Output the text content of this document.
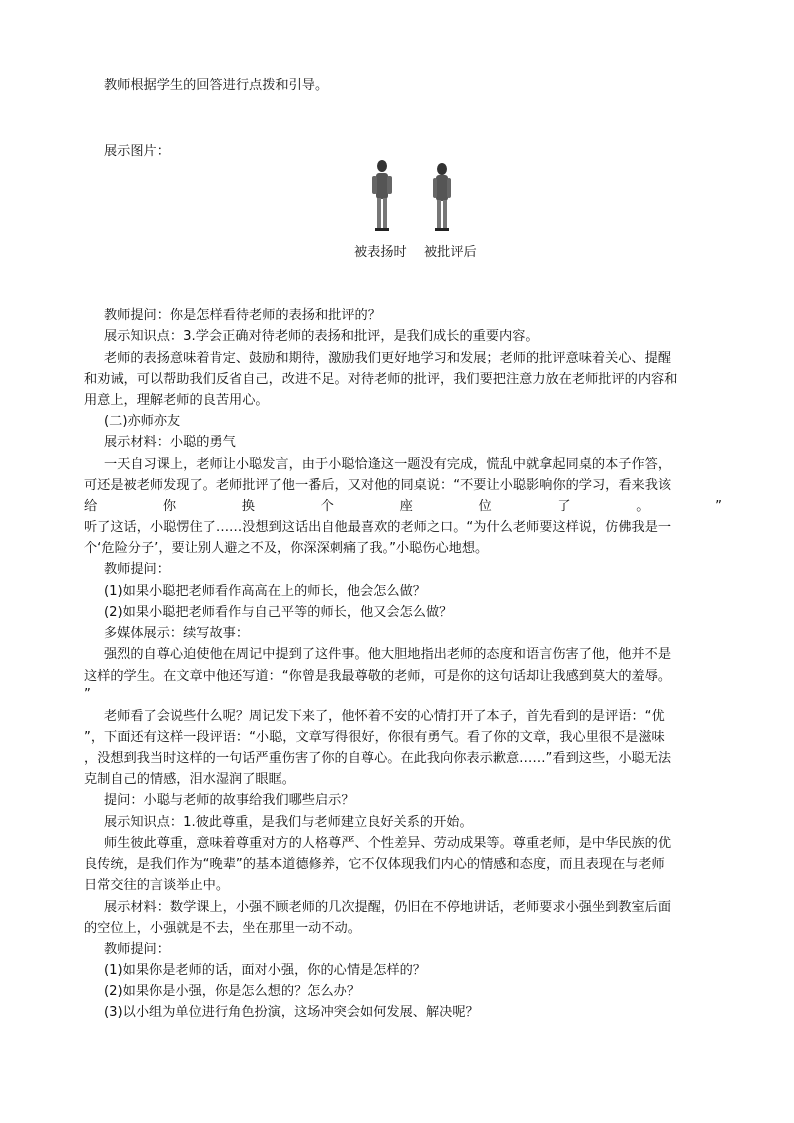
教师根据学生的回答进行点拨和引导。

展示图片：

被表扬时 被批评后

教师提问：你是怎样看待老师的表扬和批评的？

展示知识点：3.学会正确对待老师的表扬和批评，是我们成长的重要内容。

老师的表扬意味着肯定、鼓励和期待，激励我们更好地学习和发展；老师的批评意味着关心、提醒

和劝诫，可以帮助我们反省自己，改进不足。对待老师的批评，我们要把注意力放在老师批评的内容和

用意上，理解老师的良苦用心。

(二)亦师亦友

展示材料：小聪的勇气

一天自习课上，老师让小聪发言，由于小聪恰逢这一题没有完成，慌乱中就拿起同桌的本子作答，

可还是被老师发现了。老师批评了他一番后，又对他的同桌说：“不要让小聪影响你的学习，看来我该

给	你	换	个	座	位	了	。	”

听了这话，小聪愣住了……没想到这话出自他最喜欢的老师之口。“为什么老师要这样说，仿佛我是一

个‘危险分子’，要让别人避之不及，你深深刺痛了我。”小聪伤心地想。

教师提问：

(1)如果小聪把老师看作高高在上的师长，他会怎么做？

(2)如果小聪把老师看作与自己平等的师长，他又会怎么做？

多媒体展示：续写故事：

强烈的自尊心迫使他在周记中提到了这件事。他大胆地指出老师的态度和语言伤害了他，他并不是

这样的学生。在文章中他还写道：“你曾是我最尊敬的老师，可是你的这句话却让我感到莫大的羞辱。

”

老师看了会说些什么呢？周记发下来了，他怀着不安的心情打开了本子，首先看到的是评语：“优

”，下面还有这样一段评语：“小聪，文章写得很好，你很有勇气。看了你的文章，我心里很不是滋味

，没想到我当时这样的一句话严重伤害了你的自尊心。在此我向你表示歉意……”看到这些，小聪无法

克制自己的情感，泪水湿润了眼眶。

提问：小聪与老师的故事给我们哪些启示？

展示知识点：1.彼此尊重，是我们与老师建立良好关系的开始。

师生彼此尊重，意味着尊重对方的人格尊严、个性差异、劳动成果等。尊重老师，是中华民族的优

良传统，是我们作为“晚辈”的基本道德修养，它不仅体现我们内心的情感和态度，而且表现在与老师

日常交往的言谈举止中。

展示材料：数学课上，小强不顾老师的几次提醒，仍旧在不停地讲话，老师要求小强坐到教室后面

的空位上，小强就是不去，坐在那里一动不动。

教师提问：

(1)如果你是老师的话，面对小强，你的心情是怎样的？

(2)如果你是小强，你是怎么想的？怎么办？

(3)以小组为单位进行角色扮演，这场冲突会如何发展、解决呢？
